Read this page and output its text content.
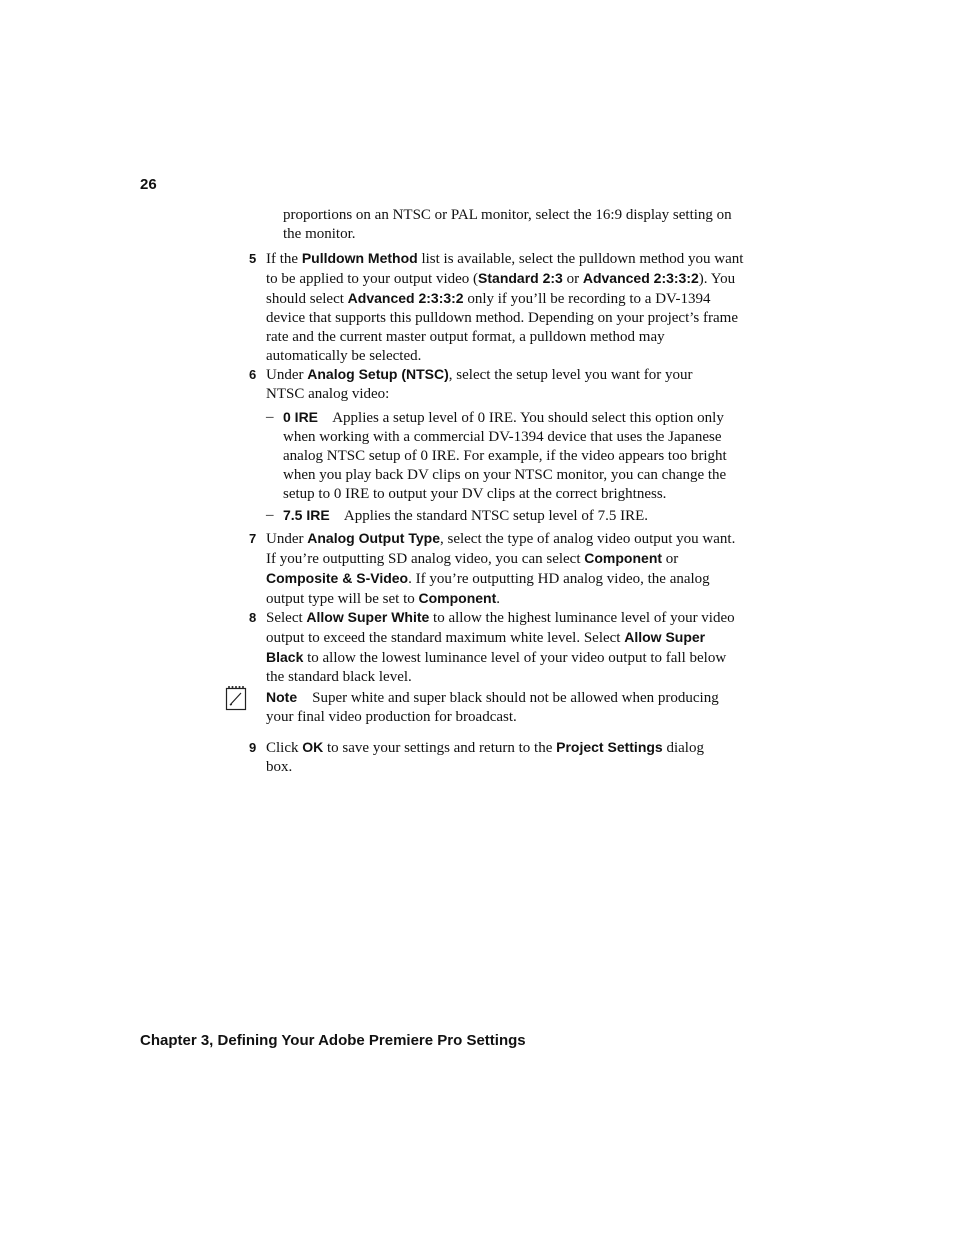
26
proportions on an NTSC or PAL monitor, select the 16:9 display setting on the monitor.
5 If the Pulldown Method list is available, select the pulldown method you want to be applied to your output video (Standard 2:3 or Advanced 2:3:3:2). You should select Advanced 2:3:3:2 only if you’ll be recording to a DV-1394 device that supports this pulldown method. Depending on your project’s frame rate and the current master output format, a pulldown method may automatically be selected.
6 Under Analog Setup (NTSC), select the setup level you want for your NTSC analog video:
– 0 IRE Applies a setup level of 0 IRE. You should select this option only when working with a commercial DV-1394 device that uses the Japanese analog NTSC setup of 0 IRE. For example, if the video appears too bright when you play back DV clips on your NTSC monitor, you can change the setup to 0 IRE to output your DV clips at the correct brightness.
– 7.5 IRE Applies the standard NTSC setup level of 7.5 IRE.
7 Under Analog Output Type, select the type of analog video output you want. If you’re outputting SD analog video, you can select Component or Composite & S-Video. If you’re outputting HD analog video, the analog output type will be set to Component.
8 Select Allow Super White to allow the highest luminance level of your video output to exceed the standard maximum white level. Select Allow Super Black to allow the lowest luminance level of your video output to fall below the standard black level.
Note Super white and super black should not be allowed when producing your final video production for broadcast.
9 Click OK to save your settings and return to the Project Settings dialog box.
Chapter 3, Defining Your Adobe Premiere Pro Settings
